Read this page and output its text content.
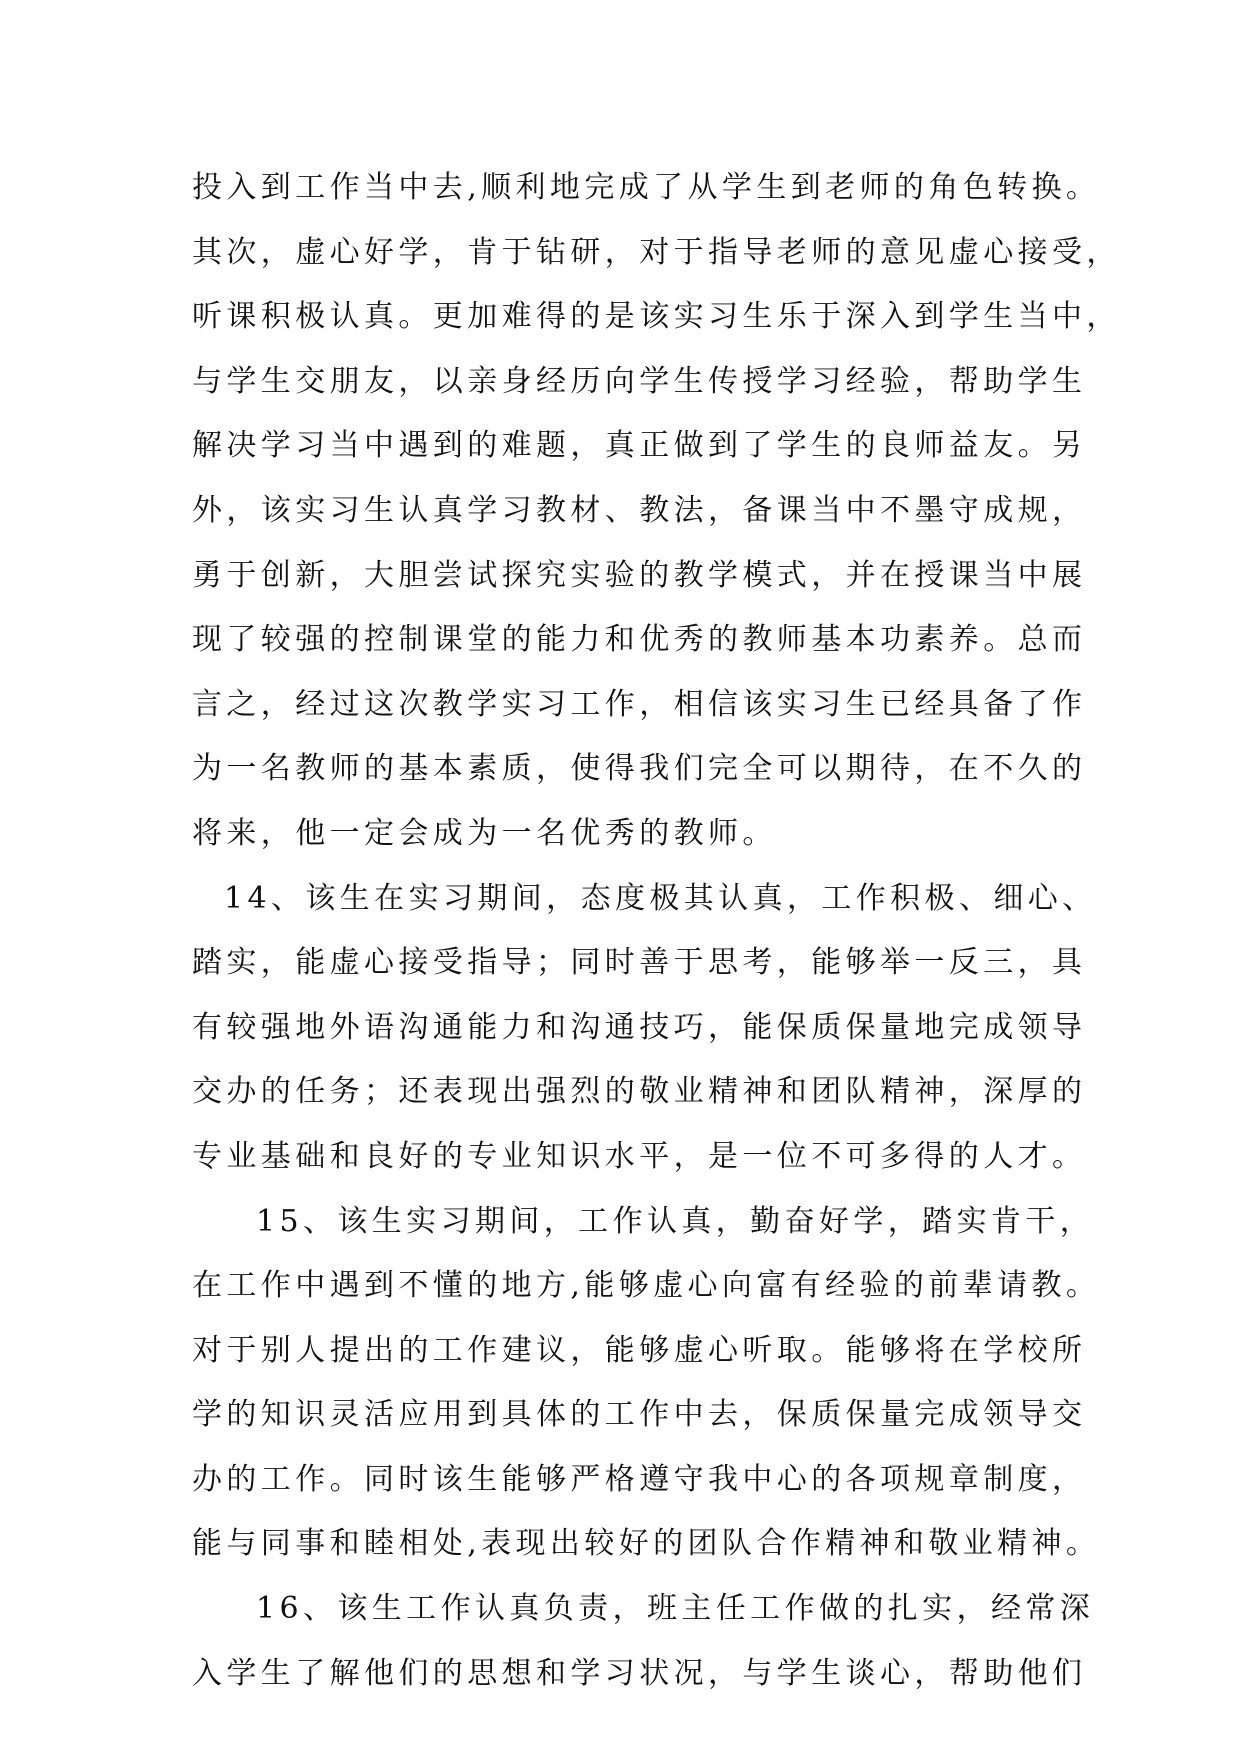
投入到工作当中去,顺利地完成了从学生到老师的角色转换。
其次，虚心好学，肯于钻研，对于指导老师的意见虚心接受，
听课积极认真。更加难得的是该实习生乐于深入到学生当中，
与学生交朋友，以亲身经历向学生传授学习经验，帮助学生
解决学习当中遇到的难题，真正做到了学生的良师益友。另
外，该实习生认真学习教材、教法，备课当中不墨守成规，
勇于创新，大胆尝试探究实验的教学模式，并在授课当中展
现了较强的控制课堂的能力和优秀的教师基本功素养。总而
言之，经过这次教学实习工作，相信该实习生已经具备了作
为一名教师的基本素质，使得我们完全可以期待，在不久的
将来，他一定会成为一名优秀的教师。
14、该生在实习期间，态度极其认真，工作积极、细心、
踏实，能虚心接受指导；同时善于思考，能够举一反三，具
有较强地外语沟通能力和沟通技巧，能保质保量地完成领导
交办的任务；还表现出强烈的敬业精神和团队精神，深厚的
专业基础和良好的专业知识水平，是一位不可多得的人才。
15、该生实习期间，工作认真，勤奋好学，踏实肯干，
在工作中遇到不懂的地方,能够虚心向富有经验的前辈请教。
对于别人提出的工作建议，能够虚心听取。能够将在学校所
学的知识灵活应用到具体的工作中去，保质保量完成领导交
办的工作。同时该生能够严格遵守我中心的各项规章制度，
能与同事和睦相处,表现出较好的团队合作精神和敬业精神。
16、该生工作认真负责，班主任工作做的扎实，经常深
入学生了解他们的思想和学习状况，与学生谈心，帮助他们
